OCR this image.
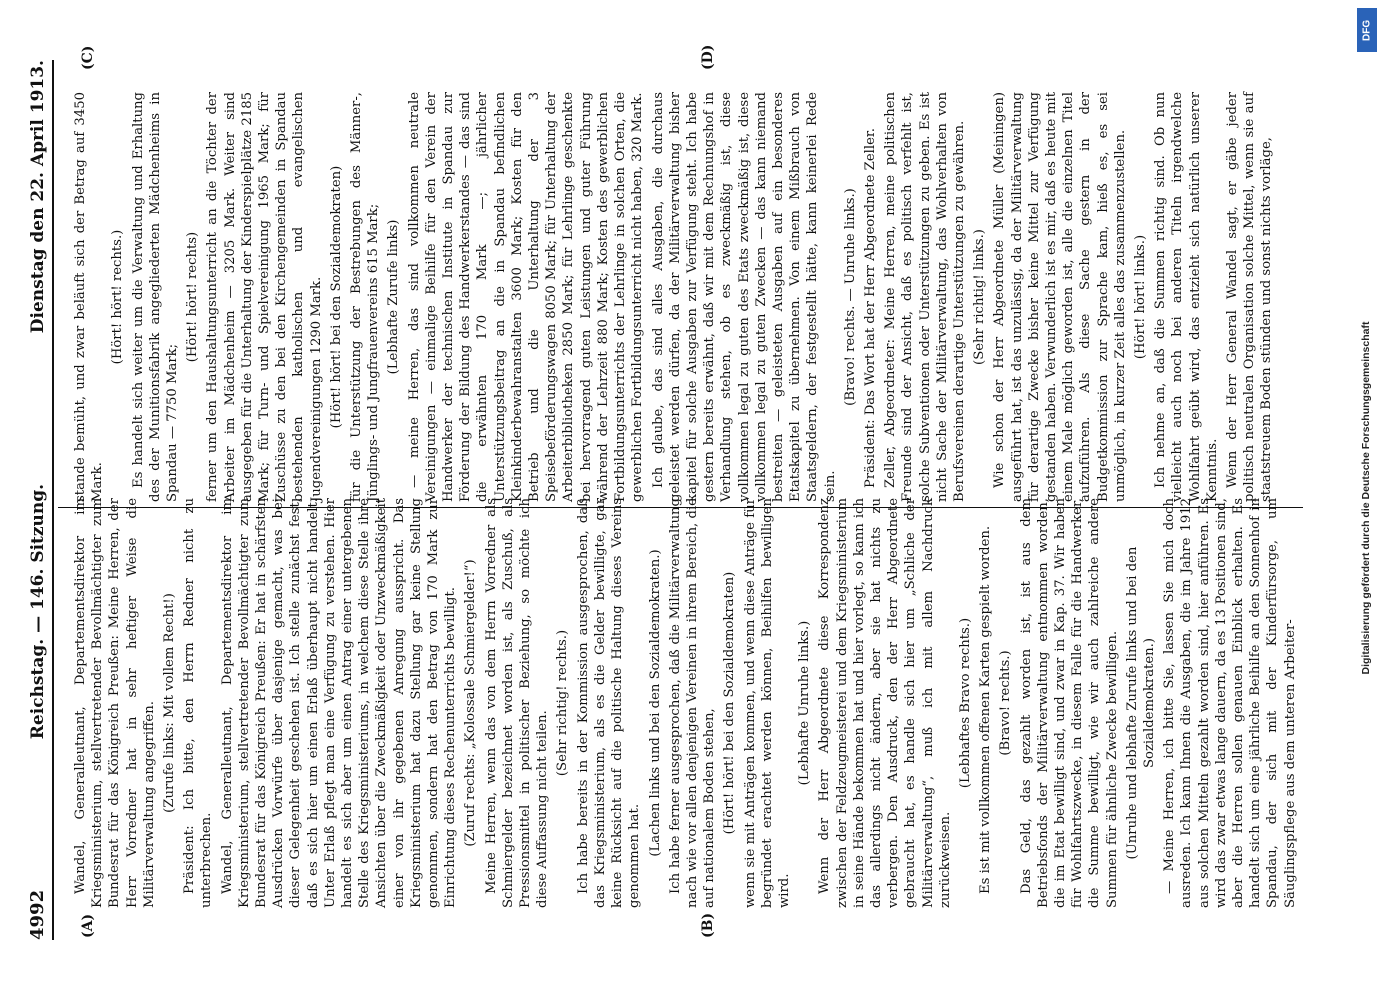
4992
Reichstag. — 146. Sitzung.
Dienstag den 22. April 1913.
(A)	(B)
(C)	(D)

Wandel, Generalleutnant, Departementsdirektor im Kriegsministerium, stellvertretender Bevollmächtigter zum Bundesrat für das Königreich Preußen: Meine Herren, der Herr Vorredner hat in sehr heftiger Weise die Militärverwaltung angegriffen. (Zurufe links: Mit vollem Recht!) Präsident: Ich bitte, den Herrn Redner nicht zu unterbrechen. Wandel, Generalleutnant, Departementsdirektor im Kriegsministerium, stellvertretender Bevollmächtigter zum Bundesrat für das Königreich Preußen: Er hat in schärfsten Ausdrücken Vorwürfe über dasjenige gemacht, was bei dieser Gelegenheit geschehen ist. Ich stelle zunächst fest, daß es sich hier um einen Erlaß überhaupt nicht handelt. Unter Erlaß pflegt man eine Verfügung zu verstehen. Hier handelt es sich aber um einen Antrag einer untergebenen Stelle des Kriegsministeriums, in welchem diese Stelle ihre Ansichten über die Zweckmäßigkeit oder Unzweckmäßigkeit einer von ihr gegebenen Anregung ausspricht. Das Kriegsministerium hat dazu Stellung gar keine Stellung genommen, sondern hat den Betrag von 170 Mark zur Einrichtung dieses Rechenunterrichts bewilligt. (Zuruf rechts: „Kolossale Schmiergelder!“) Meine Herren, wenn das von dem Herrn Vorredner als Schmiergelder bezeichnet worden ist, als Zuschuß, als Pressionsmittel in politischer Beziehung, so möchte ich diese Auffassung nicht teilen.

(Sehr richtig! rechts.) Ich habe bereits in der Kommission ausgesprochen, daß das Kriegsministerium, als es die Gelder bewilligte, gar keine Rücksicht auf die politische Haltung dieses Vereins genommen hat. (Lachen links und bei den Sozialdemokraten.) Ich habe ferner ausgesprochen, daß die Militärverwaltung nach wie vor allen denjenigen Vereinen in ihrem Bereich, die auf nationalem Boden stehen, (Hört! hört! bei den Sozialdemokraten) wenn sie mit Anträgen kommen, und wenn diese Anträge für begründet erachtet werden können, Beihilfen bewilligen wird.

(Lebhafte Unruhe links.) Wenn der Herr Abgeordnete diese Korrespondenz zwischen der Feldzeugmeisterei und dem Kriegsministerium in seine Hände bekommen hat und hier vorlegt, so kann ich das allerdings nicht ändern, aber sie hat nichts zu verbergen. Den Ausdruck, den der Herr Abgeordnete gebraucht hat, es handle sich hier um „Schliche der Militärverwaltung“, muß ich mit allem Nachdruck zurückweisen.

(Lebhaftes Bravo rechts.) Es ist mit vollkommen offenen Karten gespielt worden. (Bravo! rechts.) Das Geld, das gezahlt worden ist, ist aus dem Betriebsfonds der Militärverwaltung entnommen worden, die im Etat bewilligt sind, und zwar in Kap. 37. Wir haben für Wohlfahrtszwecke, in diesem Falle für die Handwerker, die Summe bewilligt, wie wir auch zahlreiche andere Summen für ähnliche Zwecke bewilligen. (Unruhe und lebhafte Zurufe links und bei den Sozialdemokraten.) — Meine Herren, ich bitte Sie, lassen Sie mich doch ausreden. Ich kann Ihnen die Ausgaben, die im Jahre 1912 aus solchen Mitteln gezahlt worden sind, hier anführen. Es wird das zwar etwas lange dauern, da es 13 Positionen sind, aber die Herren sollen genauen Einblick erhalten. Es handelt sich um eine jährliche Beihilfe an den Sonnenhof in Spandau, der sich mit der Kinderfürsorge, um Säuglingspflege aus dem unteren Arbeiter-

stande bemüht, und zwar beläuft sich der Betrag auf 3450 Mark.

(Hört! hört! rechts.) Es handelt sich weiter um die Verwaltung und Erhaltung des der Munitionsfabrik angegliederten Mädchenheims in Spandau — 7750 Mark;

(Hört! hört! rechts) ferner um den Haushaltungsunterricht an die Töchter der Arbeiter im Mädchenheim — 3205 Mark. Weiter sind ausgegeben für die Unterhaltung der Kinderspielplätze 2185 Mark; für Turn- und Spielvereinigung 1965 Mark; für Zuschüsse zu den bei den Kirchengemeinden in Spandau bestehenden katholischen und evangelischen Jugendvereinigungen 1290 Mark. (Hört! hört! bei den Sozialdemokraten) für die Unterstützung der Bestrebungen des Männer-, Jünglings- und Jungfrauenvereins 615 Mark; (Lebhafte Zurufe links) — meine Herren, das sind vollkommen neutrale Vereinigungen — einmalige Beihilfe für den Verein der Handwerker der technischen Institute in Spandau zur Förderung der Bildung des Handwerkerstandes — das sind die erwähnten 170 Mark —; jährlicher Unterstützungsbeitrag an die in Spandau befindlichen Kleinkinderbewahranstalten 3600 Mark; Kosten für den Betrieb und die Unterhaltung der 3 Speisebeförderungswagen 8050 Mark; für Unterhaltung der Arbeiterbibliotheken 2850 Mark; für Lehrlinge geschenkte bei hervorragend guten Leistungen und guter Führung während der Lehrzeit 880 Mark; Kosten des gewerblichen Fortbildungsunterrichts der Lehrlinge in solchen Orten, die gewerblichen Fortbildungsunterricht nicht haben, 320 Mark. Ich glaube, das sind alles Ausgaben, die durchaus geleistet werden dürfen, da der Militärverwaltung bisher kapitel für solche Ausgaben zur Verfügung steht. Ich habe gestern bereits erwähnt, daß wir mit dem Rechnungshof in Verhandlung stehen, ob es zweckmäßig ist, diese vollkommen legal zu guten des Etats zweckmäßig ist, diese vollkommen legal zu guten Zwecken — das kann niemand bestreiten — geleisteten Ausgaben auf ein besonderes Etatskapitel zu übernehmen. Von einem Mißbrauch von Staatsgeldern, der festgestellt hätte, kann keinerlei Rede sein.

(Bravo! rechts. — Unruhe links.) Präsident: Das Wort hat der Herr Abgeordnete Zeller. Zeller, Abgeordneter: Meine Herren, meine politischen Freunde sind der Ansicht, daß es politisch verfehlt ist, solche Subventionen oder Unterstützungen zu geben. Es ist nicht Sache der Militärverwaltung, das Wohlverhalten von Berufsvereinen derartige Unterstützungen zu gewähren. (Sehr richtig! links.) Wie schon der Herr Abgeordnete Müller (Meiningen) ausgeführt hat, ist das unzulässig, da der Militärverwaltung für derartige Zwecke bisher keine Mittel zur Verfügung gestanden haben. Verwunderlich ist es mir, daß es heute mit einem Male möglich geworden ist, alle die einzelnen Titel aufzuführen. Als diese Sache gestern in der Budgetkommission zur Sprache kam, hieß es, es sei unmöglich, in kurzer Zeit alles das zusammenzustellen. (Hört! hört! links.) Ich nehme an, daß die Summen richtig sind. Ob nun vielleicht auch noch bei anderen Titeln irgendwelche Wohlfahrt geübt wird, das entzieht sich natürlich unserer Kenntnis. Wenn der Herr General Wandel sagt, er gäbe jeder politisch neutralen Organisation solche Mittel, wenn sie auf staatstreuem Boden stünden und sonst nichts vorläge,	Digitalisierung gefördert durch die Deutsche Forschungsgemeinschaft
DFG
